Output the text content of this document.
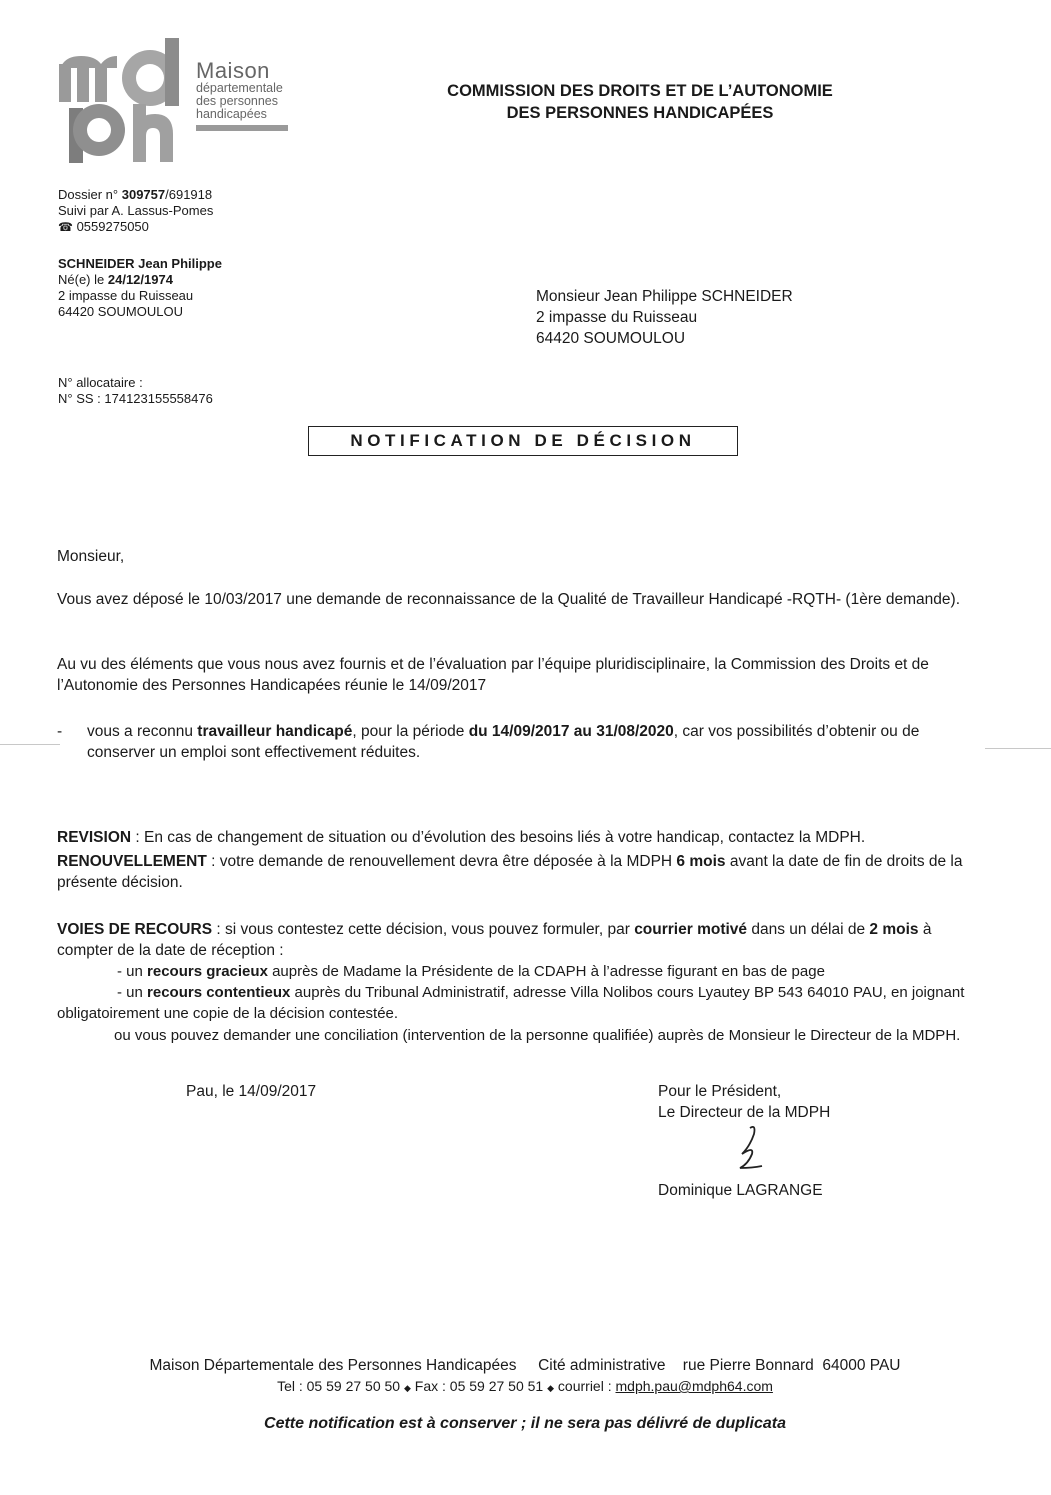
Maison
départementale
des personnes
handicapées
COMMISSION DES DROITS ET DE L’AUTONOMIE
DES PERSONNES HANDICAPÉES
Dossier n° 309757/691918
Suivi par A. Lassus-Pomes
☎ 0559275050
SCHNEIDER Jean Philippe
Né(e) le 24/12/1974
2 impasse du Ruisseau
64420 SOUMOULOU
Monsieur Jean Philippe SCHNEIDER
2 impasse du Ruisseau
64420 SOUMOULOU
N° allocataire :
N° SS : 174123155558476
NOTIFICATION DE DÉCISION
Monsieur,
Vous avez déposé le 10/03/2017 une demande de reconnaissance de la Qualité de Travailleur Handicapé -RQTH- (1ère demande).
Au vu des éléments que vous nous avez fournis et de l’évaluation par l’équipe pluridisciplinaire, la Commission des Droits et de l’Autonomie des Personnes Handicapées réunie le 14/09/2017
- vous a reconnu travailleur handicapé, pour la période du 14/09/2017 au 31/08/2020, car vos possibilités d’obtenir ou de conserver un emploi sont effectivement réduites.
REVISION : En cas de changement de situation ou d’évolution des besoins liés à votre handicap, contactez la MDPH.
RENOUVELLEMENT : votre demande de renouvellement devra être déposée à la MDPH 6 mois avant la date de fin de droits de la présente décision.
VOIES DE RECOURS : si vous contestez cette décision, vous pouvez formuler, par courrier motivé dans un délai de 2 mois à compter de la date de réception :
- un recours gracieux auprès de Madame la Présidente de la CDAPH à l’adresse figurant en bas de page
- un recours contentieux auprès du Tribunal Administratif, adresse Villa Nolibos cours Lyautey BP 543 64010 PAU, en joignant obligatoirement une copie de la décision contestée.
ou vous pouvez demander une conciliation (intervention de la personne qualifiée) auprès de Monsieur le Directeur de la MDPH.
Pau, le 14/09/2017	Pour le Président,
Le Directeur de la MDPH
Dominique LAGRANGE
Maison Départementale des Personnes Handicapées     Cité administrative    rue Pierre Bonnard  64000 PAU
Tel : 05 59 27 50 50 ◆ Fax : 05 59 27 50 51 ◆ courriel : mdph.pau@mdph64.com
Cette notification est à conserver ; il ne sera pas délivré de duplicata
